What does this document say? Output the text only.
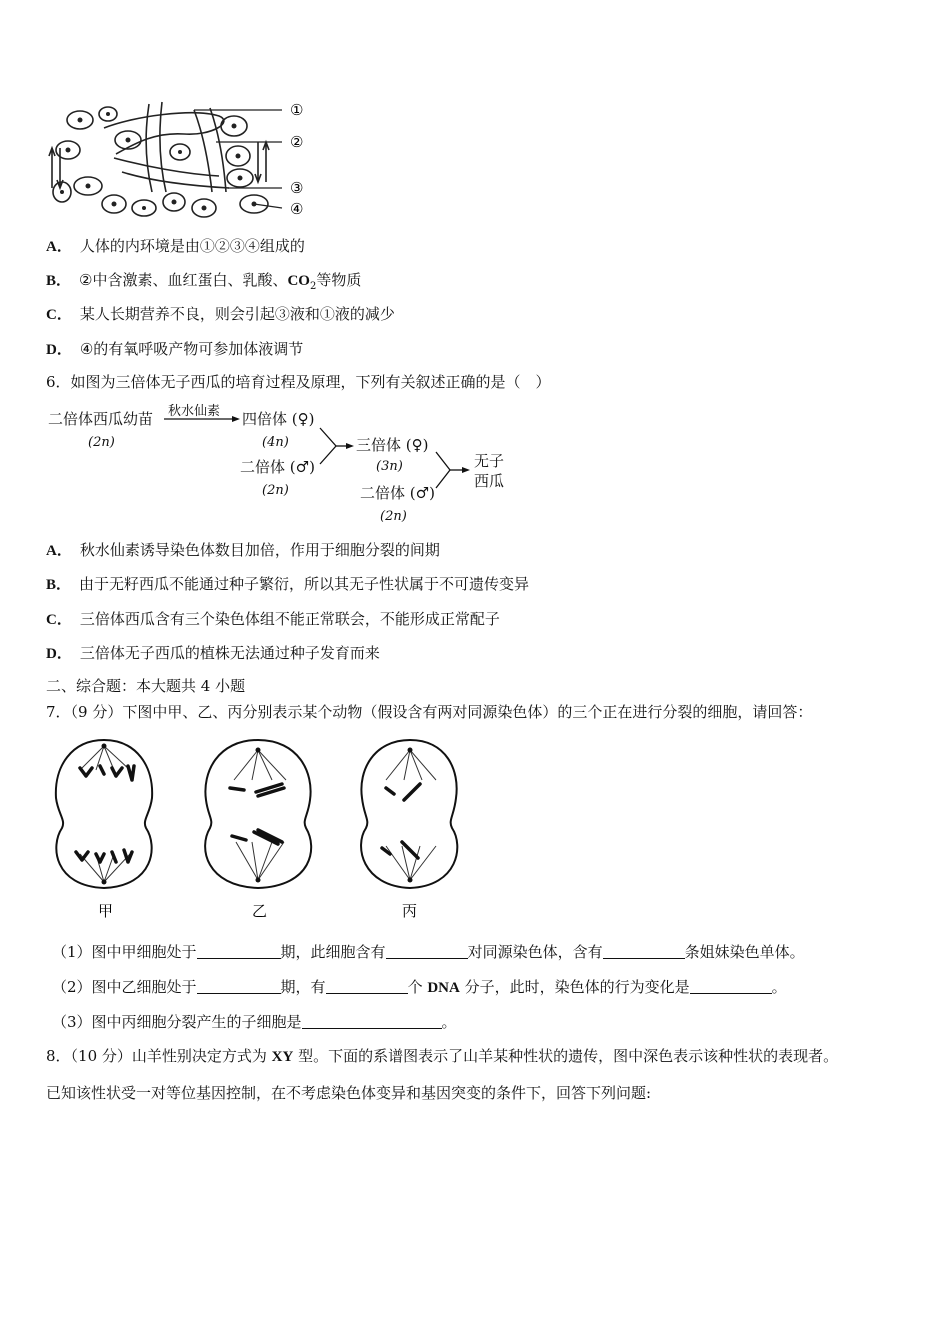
①
②
③
④
A． 人体的内环境是由①②③④组成的
B． ②中含激素、血红蛋白、乳酸、$CO_2$等物质
C． 某人长期营养不良，则会引起③液和①液的减少
D． ④的有氧呼吸产物可参加体液调节
6．如图为三倍体无子西瓜的培育过程及原理，下列有关叙述正确的是（　）
二倍体西瓜幼苗
(2n)
秋水仙素 四倍体 (♀)
(4n)
二倍体 (♂)
(2n)
三倍体 (♀)
(3n)
二倍体 (♂)
(2n)
无子
西瓜
A． 秋水仙素诱导染色体数目加倍，作用于细胞分裂的间期
B． 由于无籽西瓜不能通过种子繁衍，所以其无子性状属于不可遗传变异
C． 三倍体西瓜含有三个染色体组不能正常联会，不能形成正常配子
D． 三倍体无子西瓜的植株无法通过种子发育而来
二、综合题：本大题共 4 小题
7．（9 分）下图中甲、乙、丙分别表示某个动物（假设含有两对同源染色体）的三个正在进行分裂的细胞，请回答：
甲	乙	丙
（1）图中甲细胞处于	期，此细胞含有	对同源染色体，含有	条姐妹染色单体。
（2）图中乙细胞处于	期，有	个 DNA 分子，此时，染色体的行为变化是	。
（3）图中丙细胞分裂产生的子细胞是	。
8．（10 分）山羊性别决定方式为 XY 型。下面的系谱图表示了山羊某种性状的遗传，图中深色表示该种性状的表现者。
已知该性状受一对等位基因控制，在不考虑染色体变异和基因突变的条件下，回答下列问题:
